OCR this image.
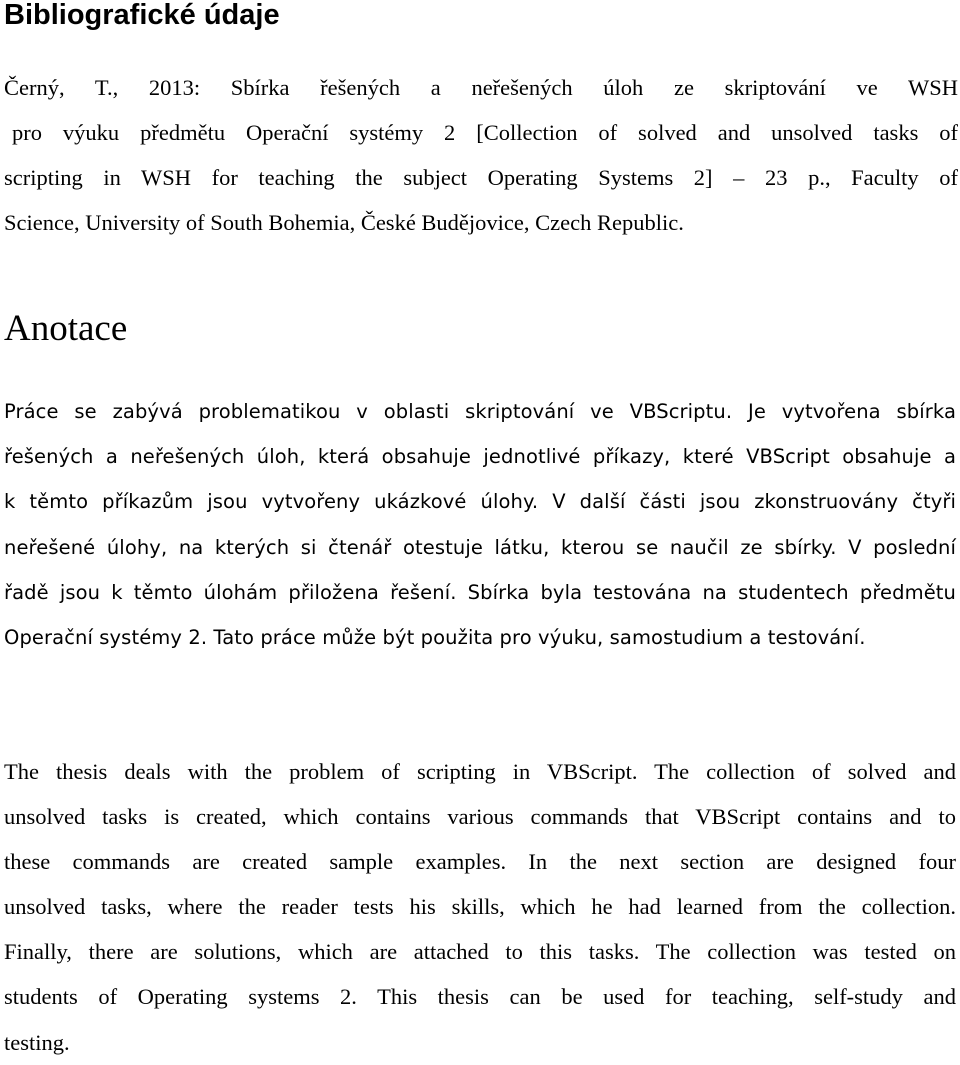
Bibliografické údaje
Černý, T., 2013: Sbírka řešených a neřešených úloh ze skriptování ve WSH
pro výuku předmětu Operační systémy 2 [Collection of solved and unsolved tasks of
scripting in WSH for teaching the subject Operating Systems 2] – 23 p., Faculty of
Science, University of South Bohemia, České Budějovice, Czech Republic.
Anotace
Práce se zabývá problematikou v oblasti skriptování ve VBScriptu. Je vytvořena sbírka
řešených a neřešených úloh, která obsahuje jednotlivé příkazy, které VBScript obsahuje a
k těmto příkazům jsou vytvořeny ukázkové úlohy. V další části jsou zkonstruovány čtyři
neřešené úlohy, na kterých si čtenář otestuje látku, kterou se naučil ze sbírky. V poslední
řadě jsou k těmto úlohám přiložena řešení. Sbírka byla testována na studentech předmětu
Operační systémy 2. Tato práce může být použita pro výuku, samostudium a testování.
The thesis deals with the problem of scripting in VBScript. The collection of solved and
unsolved tasks is created, which contains various commands that VBScript contains and to
these commands are created sample examples. In the next section are designed four
unsolved tasks, where the reader tests his skills, which he had learned from the collection.
Finally, there are solutions, which are attached to this tasks. The collection was tested on
students of Operating systems 2. This thesis can be used for teaching, self-study and
testing.
